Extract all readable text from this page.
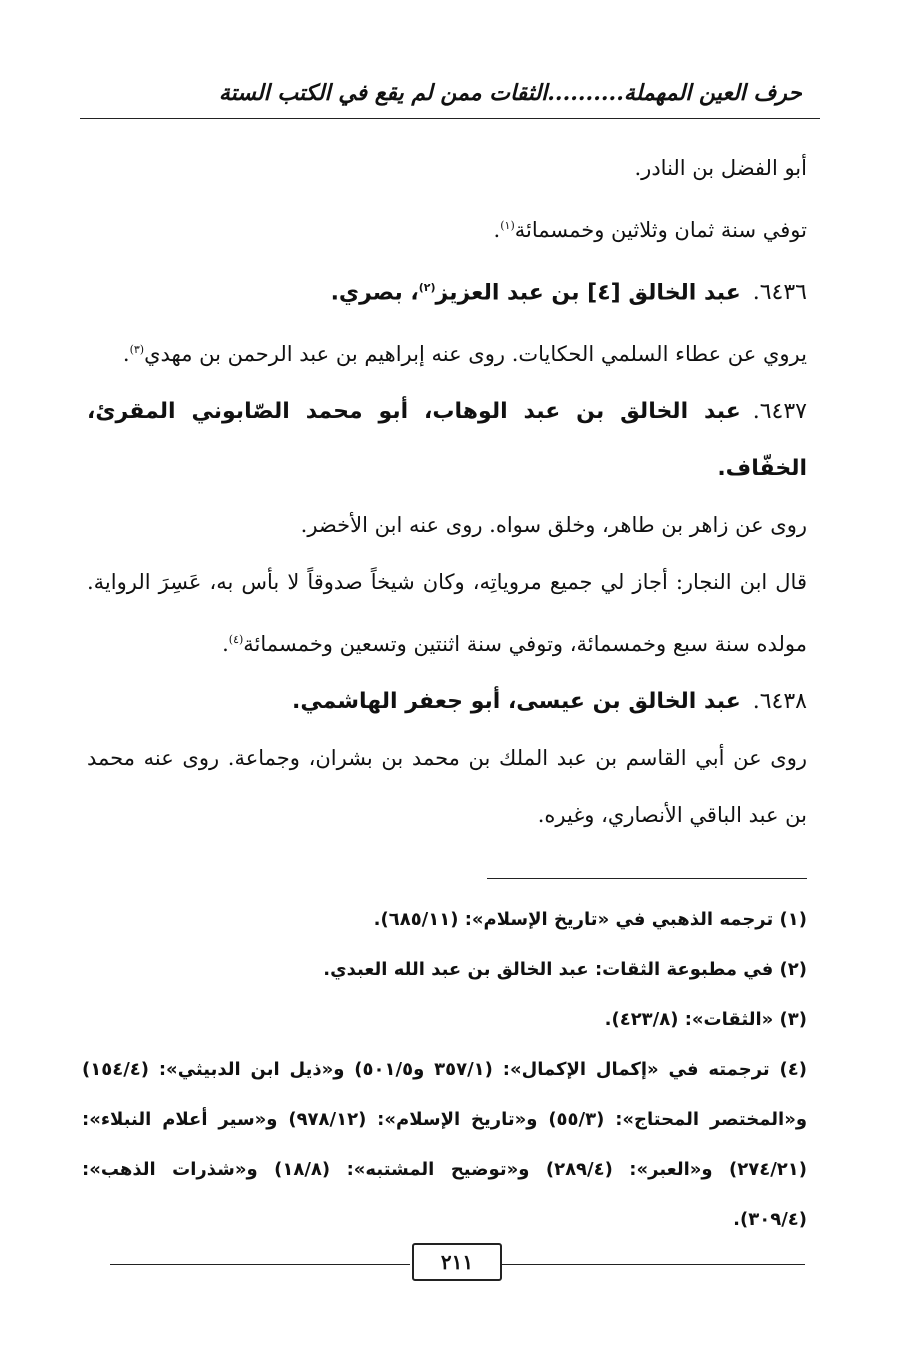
حرف العين المهملة..........الثقات ممن لم يقع في الكتب الستة

أبو الفضل بن النادر.

توفي سنة ثمان وثلاثين وخمسمائة$^{(١)}$.

٦٤٣٦.عبد الخالق [٤] بن عبد العزيز$^{(٢)}$، بصري.

يروي عن عطاء السلمي الحكايات. روى عنه إبراهيم بن عبد الرحمن بن مهدي$^{(٣)}$.

٦٤٣٧.عبد الخالق بن عبد الوهاب، أبو محمد الصّابوني المقرئ، الخفّاف.

روى عن زاهر بن طاهر، وخلق سواه. روى عنه ابن الأخضر.

قال ابن النجار: أجاز لي جميع مروياتِه، وكان شيخاً صدوقاً لا بأس به، عَسِرَ الرواية. مولده سنة سبع وخمسمائة، وتوفي سنة اثنتين وتسعين وخمسمائة$^{(٤)}$.

٦٤٣٨.عبد الخالق بن عيسى، أبو جعفر الهاشمي.

روى عن أبي القاسم بن عبد الملك بن محمد بن بشران، وجماعة. روى عنه محمد بن عبد الباقي الأنصاري، وغيره.

(١) ترجمه الذهبي في «تاريخ الإسلام»: (٦٨٥/١١).

(٢) في مطبوعة الثقات: عبد الخالق بن عبد الله العبدي.

(٣) «الثقات»: (٤٢٣/٨).

(٤) ترجمته في «إكمال الإكمال»: (٣٥٧/١ و٥٠١/٥) و«ذيل ابن الدبيثي»: (١٥٤/٤) و«المختصر المحتاج»: (٥٥/٣) و«تاريخ الإسلام»: (٩٧٨/١٢) و«سير أعلام النبلاء»: (٢٧٤/٢١) و«العبر»: (٢٨٩/٤) و«توضيح المشتبه»: (١٨/٨) و«شذرات الذهب»: (٣٠٩/٤).

٢١١
